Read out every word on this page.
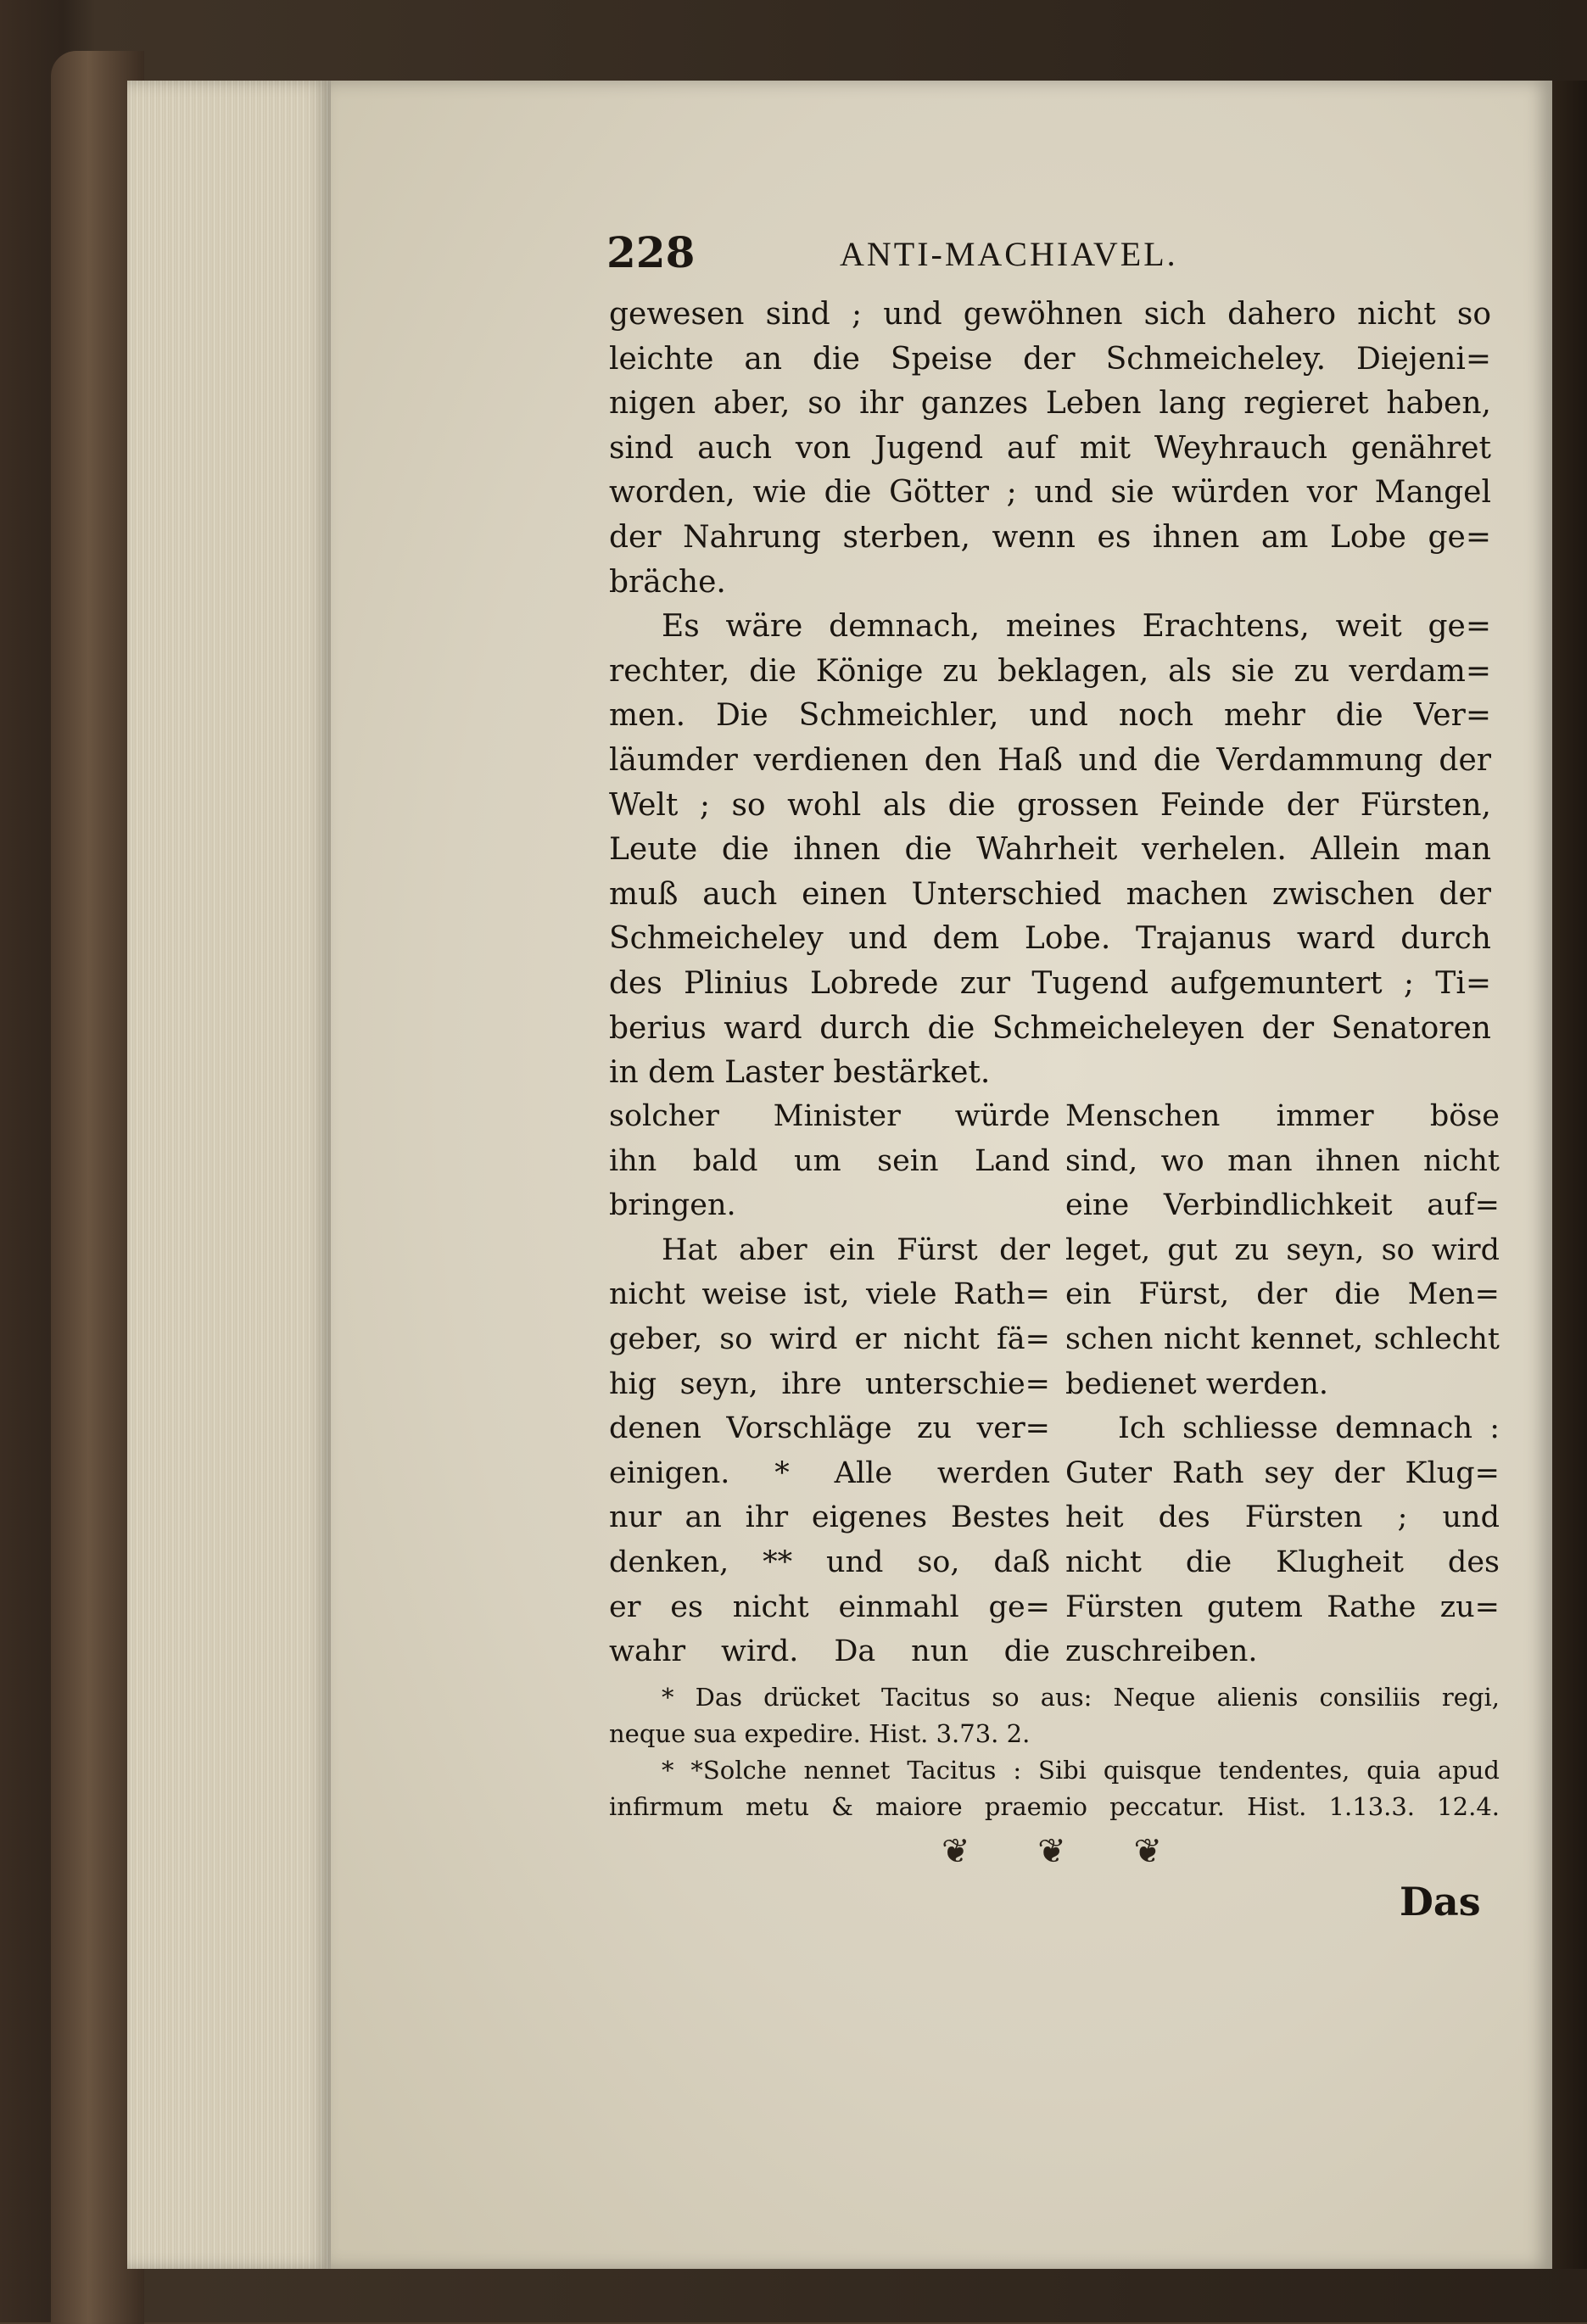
228	ANTI-MACHIAVEL.
gewesen sind ; und gewöhnen sich dahero nicht so
leichte an die Speise der Schmeicheley. Diejeni=
nigen aber, so ihr ganzes Leben lang regieret haben,
sind auch von Jugend auf mit Weyhrauch genähret
worden, wie die Götter ; und sie würden vor Mangel
der Nahrung sterben, wenn es ihnen am Lobe ge=
bräche.
Es wäre demnach, meines Erachtens, weit ge=
rechter, die Könige zu beklagen, als sie zu verdam=
men. Die Schmeichler, und noch mehr die Ver=
läumder verdienen den Haß und die Verdammung der
Welt ; so wohl als die grossen Feinde der Fürsten,
Leute die ihnen die Wahrheit verhelen. Allein man
muß auch einen Unterschied machen zwischen der
Schmeicheley und dem Lobe. Trajanus ward durch
des Plinius Lobrede zur Tugend aufgemuntert ; Ti=
berius ward durch die Schmeicheleyen der Senatoren
in dem Laster bestärket.
solcher Minister würde
ihn bald um sein Land
bringen.
Hat aber ein Fürst der
nicht weise ist, viele Rath=
geber, so wird er nicht fä=
hig seyn, ihre unterschie=
denen Vorschläge zu ver=
einigen. * Alle werden
nur an ihr eigenes Bestes
denken, ** und so, daß
er es nicht einmahl ge=
wahr wird. Da nun die
Menschen immer böse
sind, wo man ihnen nicht
eine Verbindlichkeit auf=
leget, gut zu seyn, so wird
ein Fürst, der die Men=
schen nicht kennet, schlecht
bedienet werden.
Ich schliesse demnach :
Guter Rath sey der Klug=
heit des Fürsten ; und
nicht die Klugheit des
Fürsten gutem Rathe zu=
zuschreiben.
* Das drücket Tacitus so aus: Neque alienis consiliis regi,
neque sua expedire. Hist. 3.73. 2.
* *Solche nennet Tacitus : Sibi quisque tendentes, quia apud
infirmum metu & maiore praemio peccatur. Hist. 1.13.3. 12.4.
❦ ❦ ❦
Das
